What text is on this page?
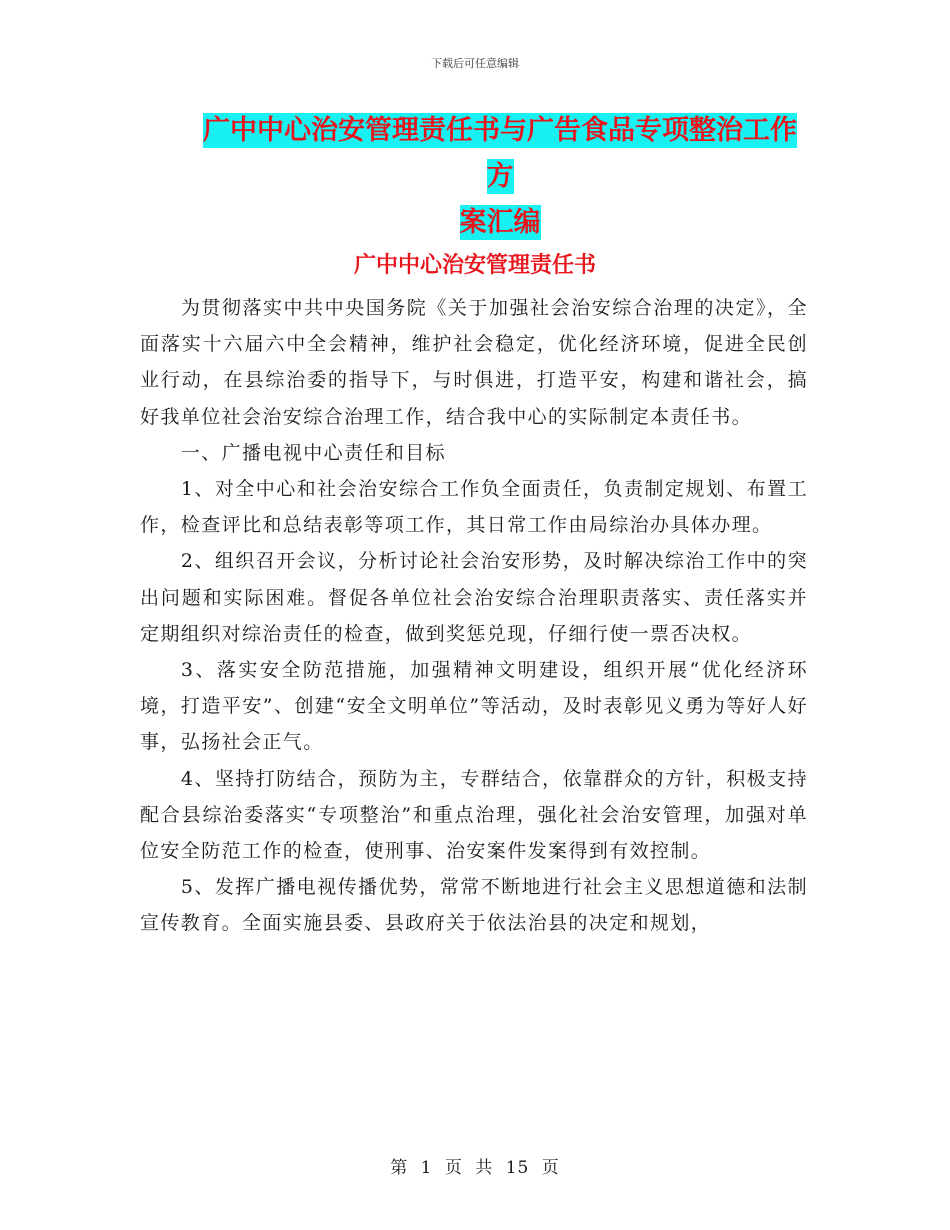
下载后可任意编辑
广中中心治安管理责任书与广告食品专项整治工作方
案汇编
广中中心治安管理责任书

为贯彻落实中共中央国务院《关于加强社会治安综合治理的决定》，全面落实十六届六中全会精神，维护社会稳定，优化经济环境，促进全民创业行动，在县综治委的指导下，与时俱进，打造平安，构建和谐社会，搞好我单位社会治安综合治理工作，结合我中心的实际制定本责任书。

一、广播电视中心责任和目标

1、对全中心和社会治安综合工作负全面责任，负责制定规划、布置工作，检查评比和总结表彰等项工作，其日常工作由局综治办具体办理。

2、组织召开会议，分析讨论社会治安形势，及时解决综治工作中的突出问题和实际困难。督促各单位社会治安综合治理职责落实、责任落实并定期组织对综治责任的检查，做到奖惩兑现，仔细行使一票否决权。

3、落实安全防范措施，加强精神文明建设，组织开展“优化经济环境，打造平安”、创建“安全文明单位”等活动，及时表彰见义勇为等好人好事，弘扬社会正气。

4、坚持打防结合，预防为主，专群结合，依靠群众的方针，积极支持配合县综治委落实“专项整治”和重点治理，强化社会治安管理，加强对单位安全防范工作的检查，使刑事、治安案件发案得到有效控制。

5、发挥广播电视传播优势，常常不断地进行社会主义思想道德和法制宣传教育。全面实施县委、县政府关于依法治县的决定和规划，

第 1 页 共 15 页
